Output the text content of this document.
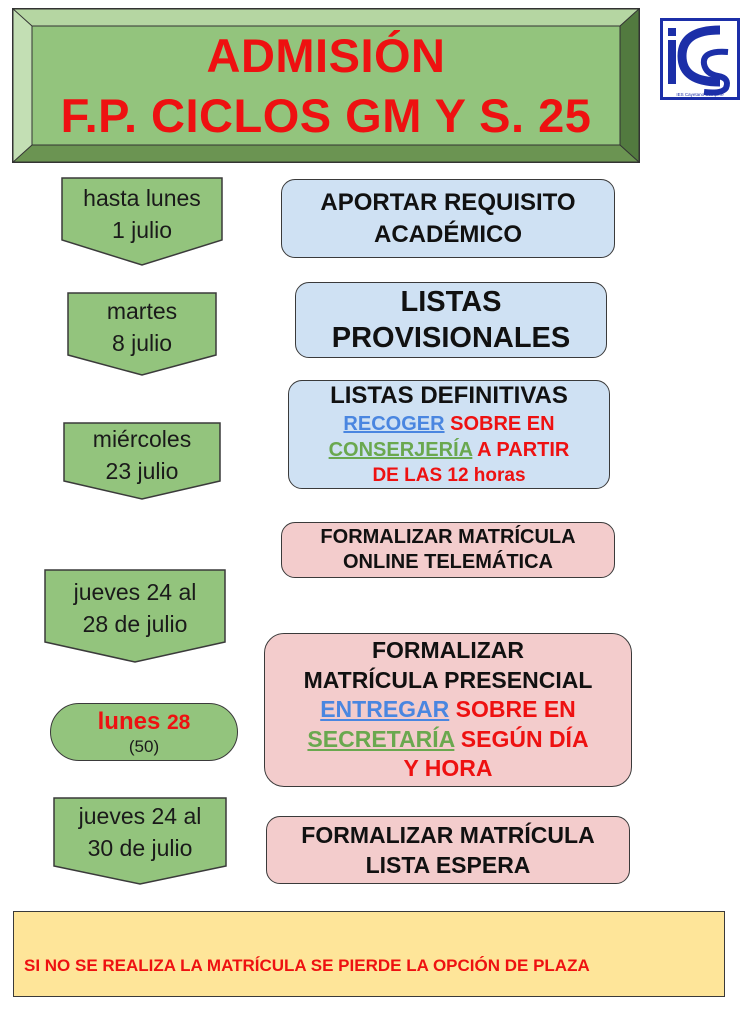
ADMISIÓN
F.P. CICLOS GM Y S. 25	IES Cayetano Sempere
hasta lunes
1 julio
martes
8 julio
miércoles
23 julio
jueves 24 al
28 de julio
lunes 28
(50)
jueves 24 al
30 de julio
APORTAR REQUISITO
ACADÉMICO
LISTAS
PROVISIONALES
LISTAS DEFINITIVAS
RECOGER SOBRE EN
CONSERJERÍA A PARTIR
DE LAS 12 horas
FORMALIZAR MATRÍCULA
ONLINE TELEMÁTICA
FORMALIZAR
MATRÍCULA PRESENCIAL
ENTREGAR SOBRE EN
SECRETARÍA SEGÚN DÍA
Y HORA
FORMALIZAR MATRÍCULA
LISTA ESPERA
SI NO SE REALIZA LA MATRÍCULA SE PIERDE LA OPCIÓN DE PLAZA
